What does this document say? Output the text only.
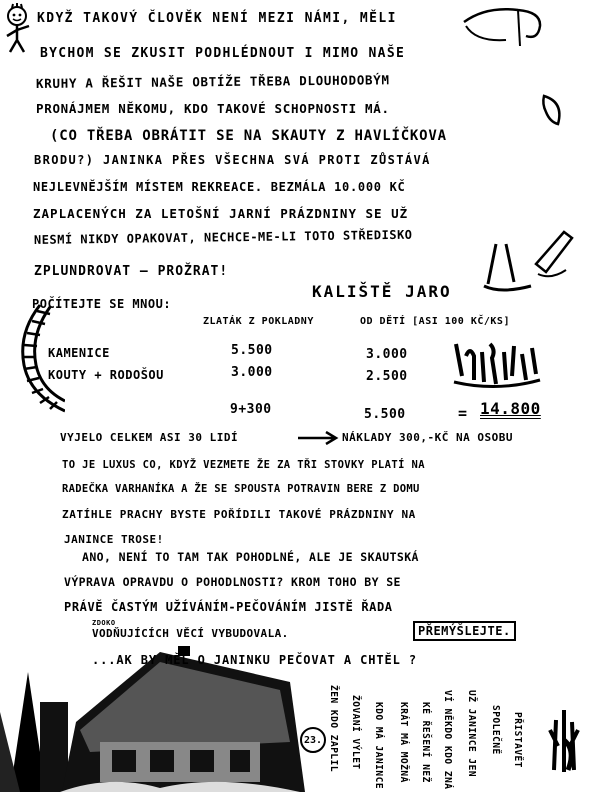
KDYŽ TAKOVÝ ČLOVĚK NENÍ MEZI NÁMI, MĚLI
BYCHOM SE ZKUSIT PODHLÉDNOUT I MIMO NAŠE
KRUHY A ŘEŠIT NAŠE OBTÍŽE TŘEBA DLOUHODOBÝM
PRONÁJMEM NĚKOMU, KDO TAKOVÉ SCHOPNOSTI MÁ.
(CO TŘEBA OBRÁTIT SE NA SKAUTY Z HAVLÍČKOVA
BRODU?) JANINKA PŘES VŠECHNA SVÁ PROTI ZŮSTÁVÁ
NEJLEVNĚJŠÍM MÍSTEM REKREACE. BEZMÁLA 10.000 KČ
ZAPLACENÝCH ZA LETOŠNÍ JARNÍ PRÁZDNINY SE UŽ
NESMÍ NIKDY OPAKOVAT, NECHCE-ME-LI TOTO STŘEDISKO
ZPLUNDROVAT – PROŽRAT!
POČÍTEJTE SE MNOU:
KALIŠTĚ JARO
ZLATÁK Z POKLADNY	OD DĚTÍ [ASI 100 KČ/KS]
KAMENICE	5.500	3.000
KOUTY + RODOŠOU	3.000	2.500
9+300	5.500	= 14.800
VYJELO CELKEM ASI 30 LIDÍ	NÁKLADY 300,-KČ NA OSOBU
TO JE LUXUS CO, KDYŽ VEZMETE ŽE ZA TŘI STOVKY PLATÍ NA
RADEČKA VARHANÍKA A ŽE SE SPOUSTA POTRAVIN BERE Z DOMU
ZATÍHLE PRACHY BYSTE POŘÍDILI TAKOVÉ PRÁZDNINY NA
JANINCE TROSE!
ANO, NENÍ TO TAM TAK POHODLNÉ, ALE JE SKAUTSKÁ
VÝPRAVA OPRAVDU O POHODLNOSTI? KROM TOHO BY SE
PRÁVĚ ČASTÝM UŽÍVÁNÍM-PEČOVÁNÍM JISTĚ ŘADA
ZDOKO
VODŇUJÍCÍCH VĚCÍ VYBUDOVALA.	PŘEMÝŠLEJTE.
...AK BY MĚL O JANINKU PEČOVAT A CHTĚL ?
ŽEN KDO ZAPLIL ŽOVANÍ VÝLET KDO MÁ JANINCE KRÁT MÁ MOŽNÁ KÉ ŘEŠENÍ NEŽ VÍ NĚKDO KDO ZNÁ UŽ JANINCE JEN SPOLEČNĚ PŘISTAVĚT
23.
